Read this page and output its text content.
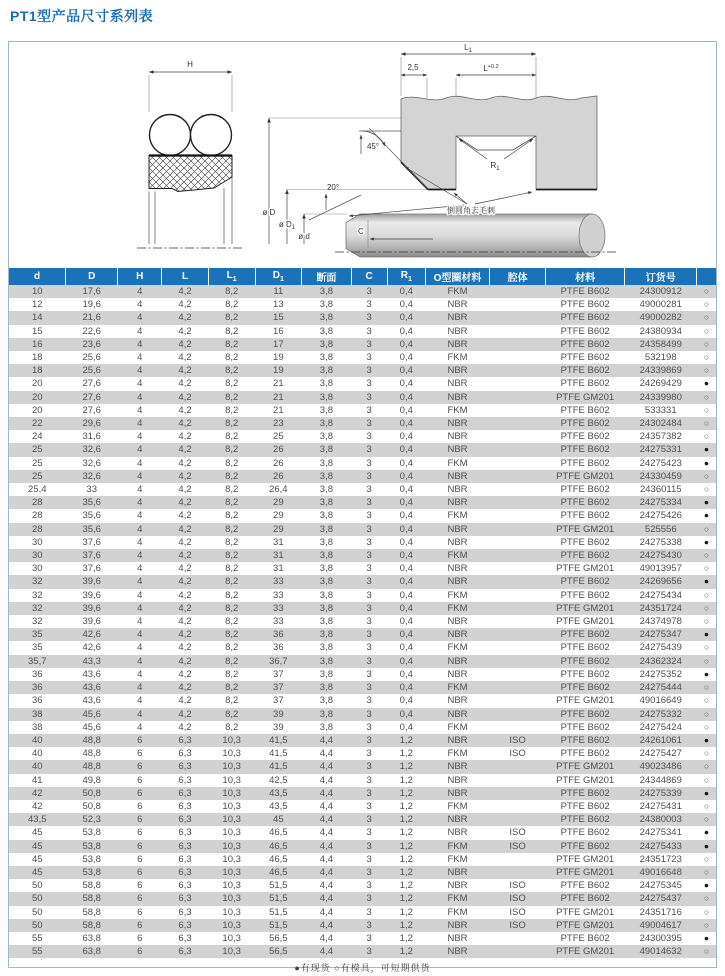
PT1型产品尺寸系列表
H
ø D
ø $D_1$
ø d
20°
$L_1$
2,5	$L^{+0.2}$
$R_1$
45°
倒圆角去毛刺
C
d	D	H	L	$L_1$	$D_1$	断面	C	$R_1$	O型圈材料	腔体	材料	订货号	
10	17,6	4	4,2	8,2	11	3,8	3	0,4	FKM		PTFE B602	24300912	○
12	19,6	4	4,2	8,2	13	3,8	3	0,4	NBR		PTFE B602	49000281	○
14	21,6	4	4,2	8,2	15	3,8	3	0,4	NBR		PTFE B602	49000282	○
15	22,6	4	4,2	8,2	16	3,8	3	0,4	NBR		PTFE B602	24380934	○
16	23,6	4	4,2	8,2	17	3,8	3	0,4	NBR		PTFE B602	24358499	○
18	25,6	4	4,2	8,2	19	3,8	3	0,4	FKM		PTFE B602	532198	○
18	25,6	4	4,2	8,2	19	3,8	3	0,4	NBR		PTFE B602	24339869	○
20	27,6	4	4,2	8,2	21	3,8	3	0,4	NBR		PTFE B602	24269429	●
20	27,6	4	4,2	8,2	21	3,8	3	0,4	NBR		PTFE GM201	24339980	○
20	27,6	4	4,2	8,2	21	3,8	3	0,4	FKM		PTFE B602	533331	○
22	29,6	4	4,2	8,2	23	3,8	3	0,4	NBR		PTFE B602	24302484	○
24	31,6	4	4,2	8,2	25	3,8	3	0,4	NBR		PTFE B602	24357382	○
25	32,6	4	4,2	8,2	26	3,8	3	0,4	NBR		PTFE B602	24275331	●
25	32,6	4	4,2	8,2	26	3,8	3	0,4	FKM		PTFE B602	24275423	●
25	32,6	4	4,2	8,2	26	3,8	3	0,4	NBR		PTFE GM201	24330459	○
25,4	33	4	4,2	8,2	26,4	3,8	3	0,4	NBR		PTFE B602	24360115	○
28	35,6	4	4,2	8,2	29	3,8	3	0,4	NBR		PTFE B602	24275334	●
28	35,6	4	4,2	8,2	29	3,8	3	0,4	FKM		PTFE B602	24275426	●
28	35,6	4	4,2	8,2	29	3,8	3	0,4	NBR		PTFE GM201	525556	○
30	37,6	4	4,2	8,2	31	3,8	3	0,4	NBR		PTFE B602	24275338	●
30	37,6	4	4,2	8,2	31	3,8	3	0,4	FKM		PTFE B602	24275430	○
30	37,6	4	4,2	8,2	31	3,8	3	0,4	NBR		PTFE GM201	49013957	○
32	39,6	4	4,2	8,2	33	3,8	3	0,4	NBR		PTFE B602	24269656	●
32	39,6	4	4,2	8,2	33	3,8	3	0,4	FKM		PTFE B602	24275434	○
32	39,6	4	4,2	8,2	33	3,8	3	0,4	FKM		PTFE GM201	24351724	○
32	39,6	4	4,2	8,2	33	3,8	3	0,4	NBR		PTFE GM201	24374978	○
35	42,6	4	4,2	8,2	36	3,8	3	0,4	NBR		PTFE B602	24275347	●
35	42,6	4	4,2	8,2	36	3,8	3	0,4	FKM		PTFE B602	24275439	○
35,7	43,3	4	4,2	8,2	36,7	3,8	3	0,4	NBR		PTFE B602	24362324	○
36	43,6	4	4,2	8,2	37	3,8	3	0,4	NBR		PTFE B602	24275352	●
36	43,6	4	4,2	8,2	37	3,8	3	0,4	FKM		PTFE B602	24275444	○
36	43,6	4	4,2	8,2	37	3,8	3	0,4	NBR		PTFE GM201	49016649	○
38	45,6	4	4,2	8,2	39	3,8	3	0,4	NBR		PTFE B602	24275332	○
38	45,6	4	4,2	8,2	39	3,8	3	0,4	FKM		PTFE B602	24275424	○
40	48,8	6	6,3	10,3	41,5	4,4	3	1,2	NBR	ISO	PTFE B602	24261061	●
40	48,8	6	6,3	10,3	41,5	4,4	3	1,2	FKM	ISO	PTFE B602	24275427	○
40	48,8	6	6,3	10,3	41,5	4,4	3	1,2	NBR		PTFE GM201	49023486	○
41	49,8	6	6,3	10,3	42,5	4,4	3	1,2	NBR		PTFE GM201	24344869	○
42	50,8	6	6,3	10,3	43,5	4,4	3	1,2	NBR		PTFE B602	24275339	●
42	50,8	6	6,3	10,3	43,5	4,4	3	1,2	FKM		PTFE B602	24275431	○
43,5	52,3	6	6,3	10,3	45	4,4	3	1,2	NBR		PTFE B602	24380003	○
45	53,8	6	6,3	10,3	46,5	4,4	3	1,2	NBR	ISO	PTFE B602	24275341	●
45	53,8	6	6,3	10,3	46,5	4,4	3	1,2	FKM	ISO	PTFE B602	24275433	●
45	53,8	6	6,3	10,3	46,5	4,4	3	1,2	FKM		PTFE GM201	24351723	○
45	53,8	6	6,3	10,3	46,5	4,4	3	1,2	NBR		PTFE GM201	49016648	○
50	58,8	6	6,3	10,3	51,5	4,4	3	1,2	NBR	ISO	PTFE B602	24275345	●
50	58,8	6	6,3	10,3	51,5	4,4	3	1,2	FKM	ISO	PTFE B602	24275437	○
50	58,8	6	6,3	10,3	51,5	4,4	3	1,2	FKM	ISO	PTFE GM201	24351716	○
50	58,8	6	6,3	10,3	51,5	4,4	3	1,2	NBR	ISO	PTFE GM201	49004617	○
55	63,8	6	6,3	10,3	56,5	4,4	3	1,2	NBR		PTFE B602	24300395	●
55	63,8	6	6,3	10,3	56,5	4,4	3	1,2	NBR		PTFE GM201	49014632	○
●有现货 ○有模具，可短期供货
